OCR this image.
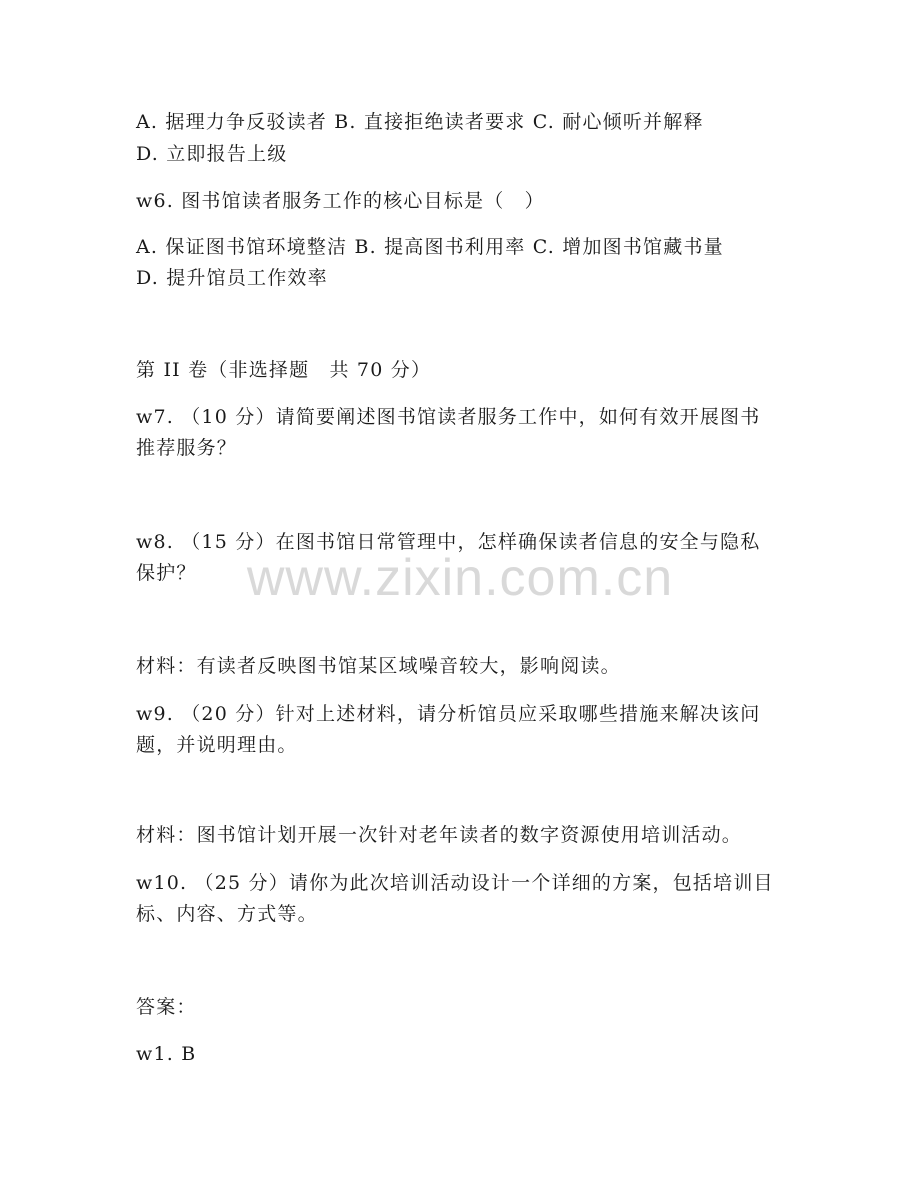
www.zixin.com.cn
A. 据理力争反驳读者 B. 直接拒绝读者要求 C. 耐心倾听并解释
D. 立即报告上级
w6. 图书馆读者服务工作的核心目标是（　）
A. 保证图书馆环境整洁 B. 提高图书利用率 C. 增加图书馆藏书量
D. 提升馆员工作效率
第 II 卷（非选择题　共 70 分）
w7. （10 分）请简要阐述图书馆读者服务工作中，如何有效开展图书
推荐服务？
w8. （15 分）在图书馆日常管理中，怎样确保读者信息的安全与隐私
保护？
材料：有读者反映图书馆某区域噪音较大，影响阅读。
w9. （20 分）针对上述材料，请分析馆员应采取哪些措施来解决该问
题，并说明理由。
材料：图书馆计划开展一次针对老年读者的数字资源使用培训活动。
w10. （25 分）请你为此次培训活动设计一个详细的方案，包括培训目
标、内容、方式等。
答案：
w1. B
